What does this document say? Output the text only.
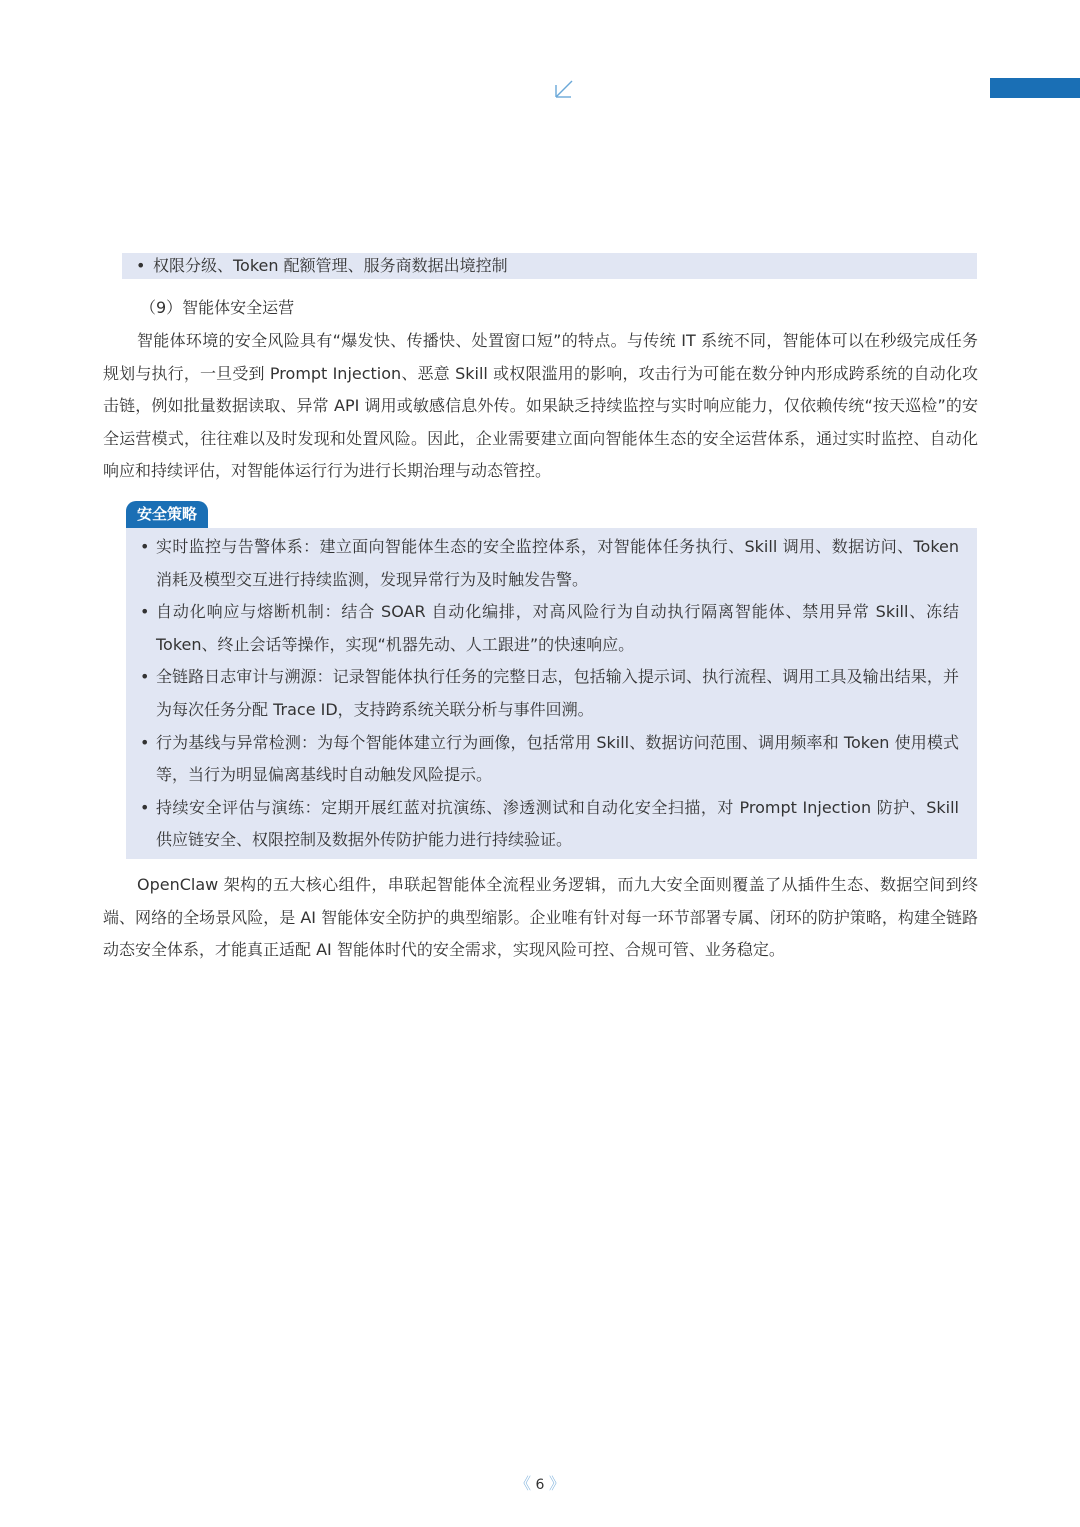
• 权限分级、Token 配额管理、服务商数据出境控制
（9）智能体安全运营

智能体环境的安全风险具有“爆发快、传播快、处置窗口短”的特点。与传统 IT 系统不同，智能体可以在秒级完成任务规划与执行，一旦受到 Prompt Injection、恶意 Skill 或权限滥用的影响，攻击行为可能在数分钟内形成跨系统的自动化攻击链，例如批量数据读取、异常 API 调用或敏感信息外传。如果缺乏持续监控与实时响应能力，仅依赖传统“按天巡检”的安全运营模式，往往难以及时发现和处置风险。因此，企业需要建立面向智能体生态的安全运营体系，通过实时监控、自动化响应和持续评估，对智能体运行行为进行长期治理与动态管控。

安全策略

• 实时监控与告警体系：建立面向智能体生态的安全监控体系，对智能体任务执行、Skill 调用、数据访问、Token 消耗及模型交互进行持续监测，发现异常行为及时触发告警。

• 自动化响应与熔断机制：结合 SOAR 自动化编排，对高风险行为自动执行隔离智能体、禁用异常 Skill、冻结 Token、终止会话等操作，实现“机器先动、人工跟进”的快速响应。

• 全链路日志审计与溯源：记录智能体执行任务的完整日志，包括输入提示词、执行流程、调用工具及输出结果，并为每次任务分配 Trace ID，支持跨系统关联分析与事件回溯。

• 行为基线与异常检测：为每个智能体建立行为画像，包括常用 Skill、数据访问范围、调用频率和 Token 使用模式等，当行为明显偏离基线时自动触发风险提示。

• 持续安全评估与演练：定期开展红蓝对抗演练、渗透测试和自动化安全扫描，对 Prompt Injection 防护、Skill 供应链安全、权限控制及数据外传防护能力进行持续验证。

OpenClaw 架构的五大核心组件，串联起智能体全流程业务逻辑，而九大安全面则覆盖了从插件生态、数据空间到终端、网络的全场景风险，是 AI 智能体安全防护的典型缩影。企业唯有针对每一环节部署专属、闭环的防护策略，构建全链路动态安全体系，才能真正适配 AI 智能体时代的安全需求，实现风险可控、合规可管、业务稳定。

《 6 》
